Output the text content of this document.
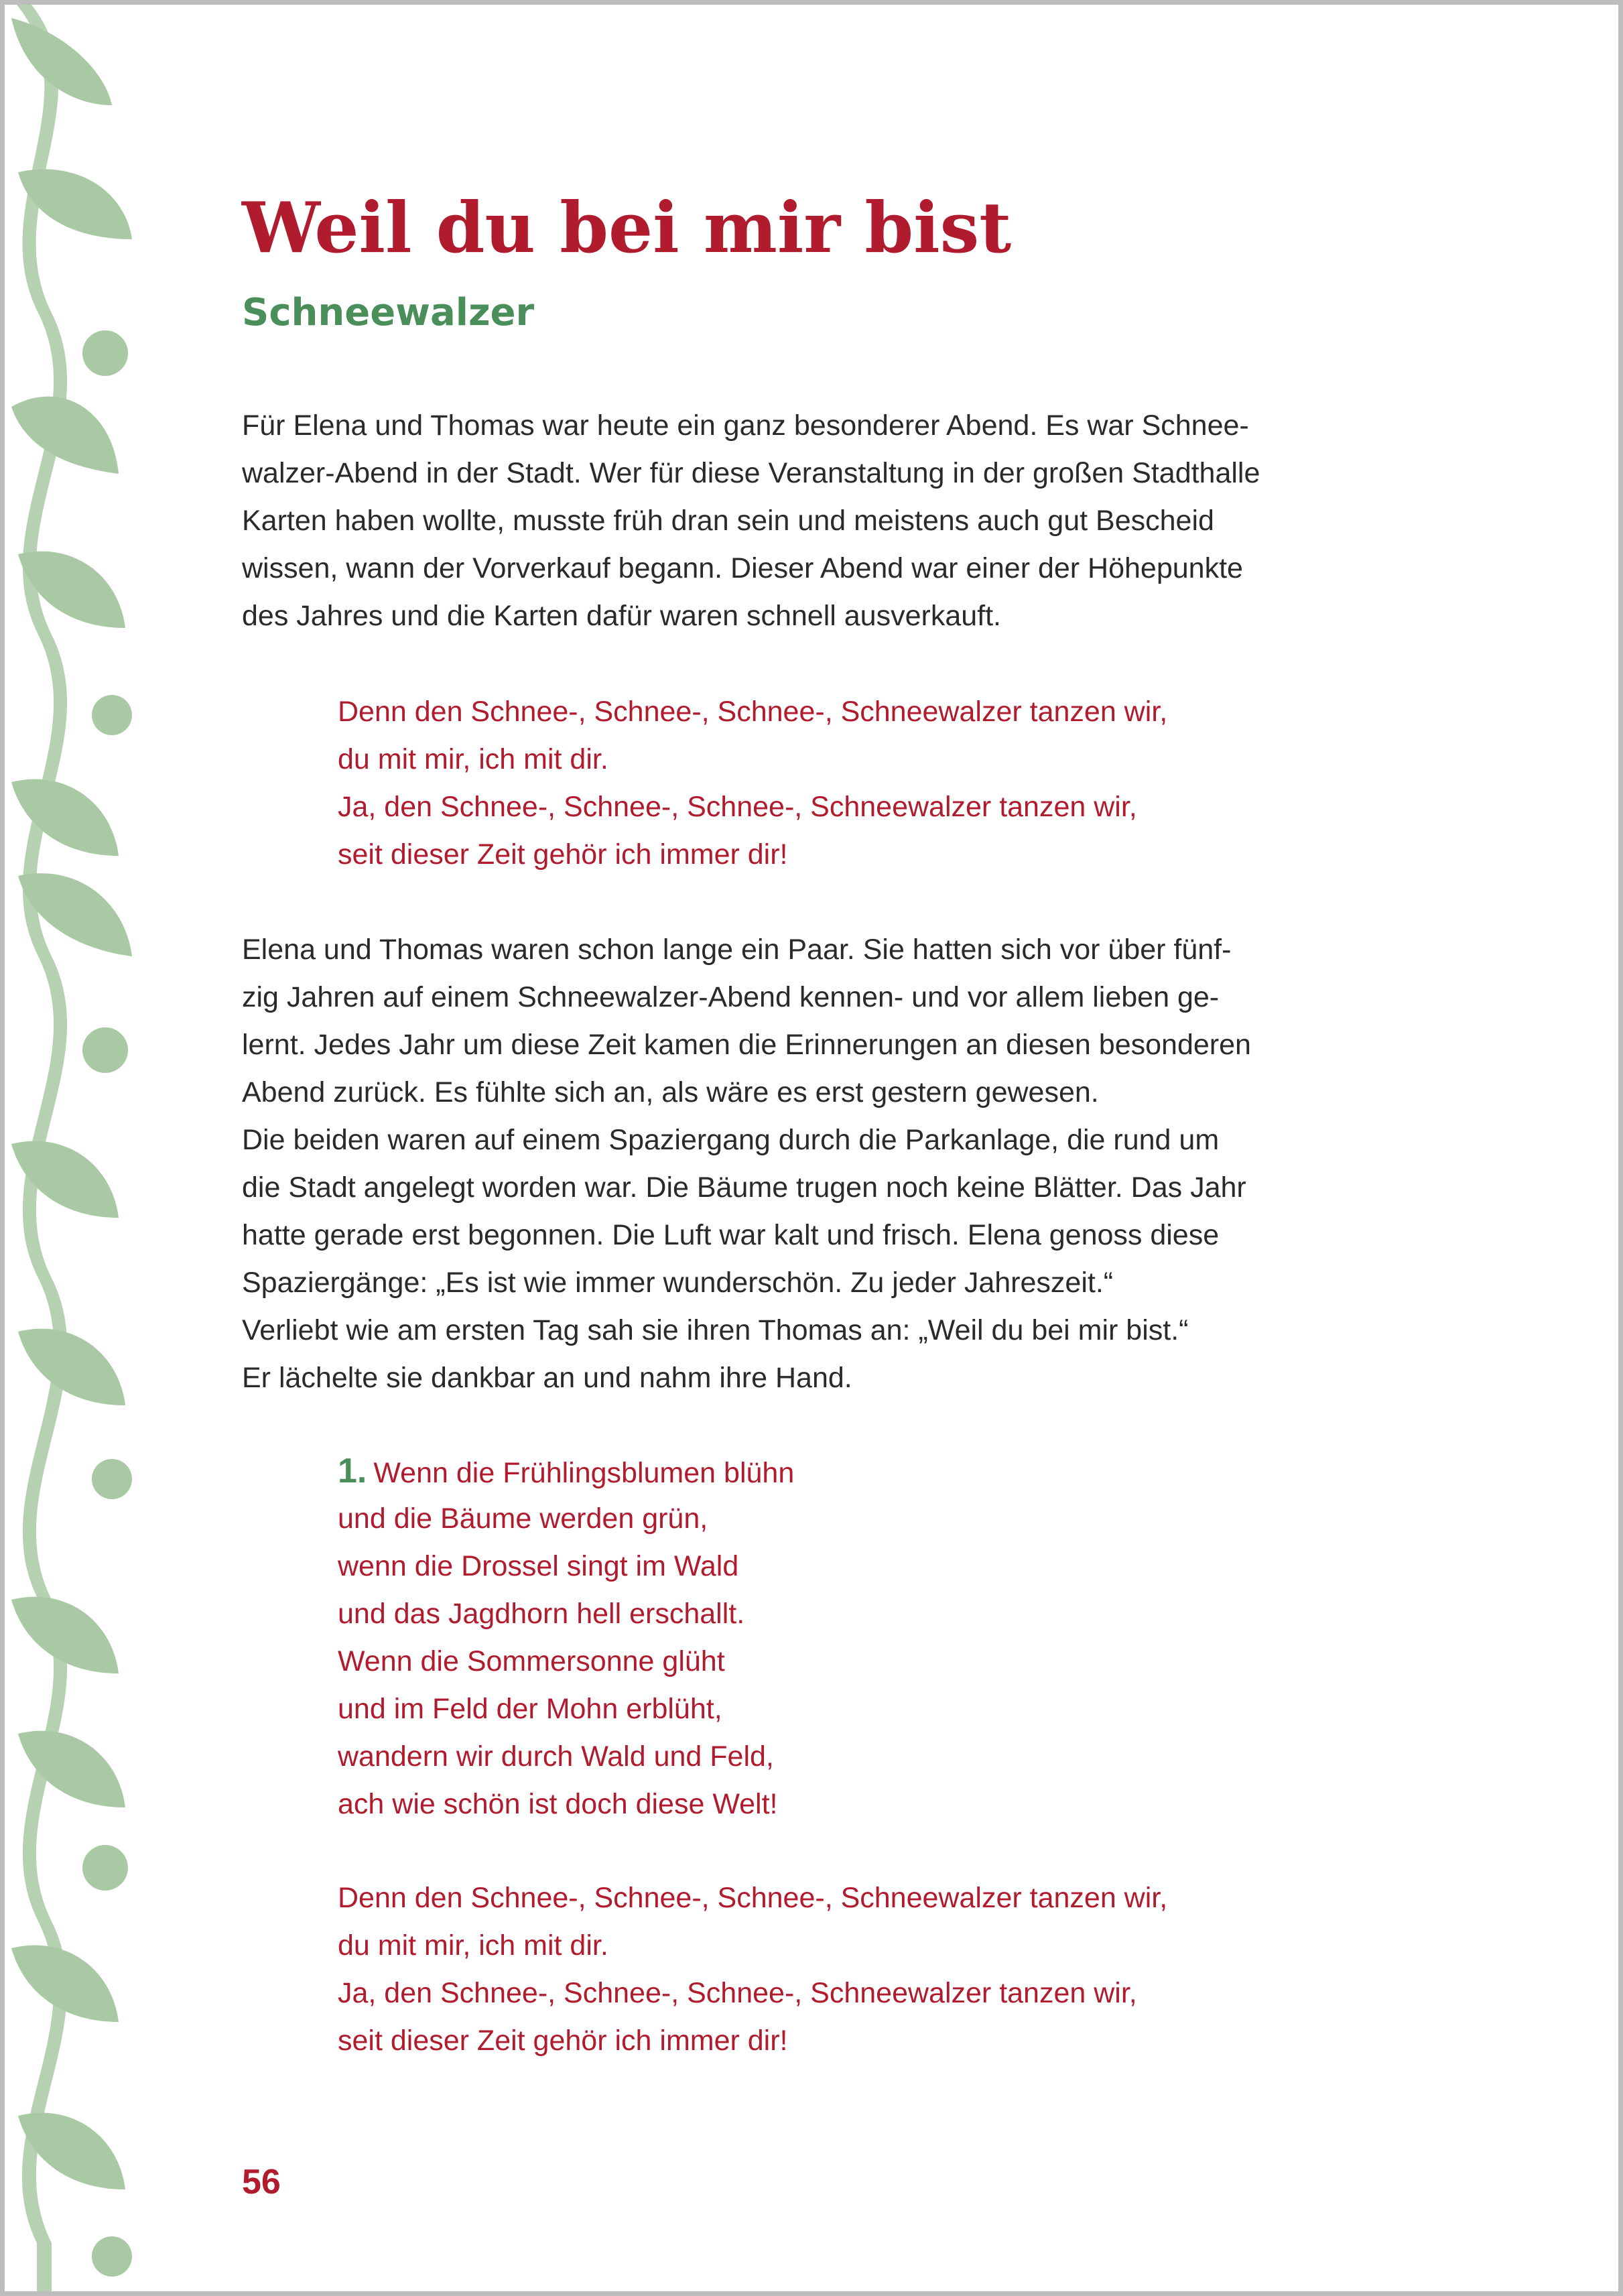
Weil du bei mir bist
Schneewalzer
Für Elena und Thomas war heute ein ganz besonderer Abend. Es war Schnee-
walzer-Abend in der Stadt. Wer für diese Veranstaltung in der großen Stadthalle
Karten haben wollte, musste früh dran sein und meistens auch gut Bescheid
wissen, wann der Vorverkauf begann. Dieser Abend war einer der Höhepunkte
des Jahres und die Karten dafür waren schnell ausverkauft.
Denn den Schnee-, Schnee-, Schnee-, Schneewalzer tanzen wir,
du mit mir, ich mit dir.
Ja, den Schnee-, Schnee-, Schnee-, Schneewalzer tanzen wir,
seit dieser Zeit gehör ich immer dir!
Elena und Thomas waren schon lange ein Paar. Sie hatten sich vor über fünf-
zig Jahren auf einem Schneewalzer-Abend kennen- und vor allem lieben ge-
lernt. Jedes Jahr um diese Zeit kamen die Erinnerungen an diesen besonderen
Abend zurück. Es fühlte sich an, als wäre es erst gestern gewesen.
Die beiden waren auf einem Spaziergang durch die Parkanlage, die rund um
die Stadt angelegt worden war. Die Bäume trugen noch keine Blätter. Das Jahr
hatte gerade erst begonnen. Die Luft war kalt und frisch. Elena genoss diese
Spaziergänge: „Es ist wie immer wunderschön. Zu jeder Jahreszeit.“
Verliebt wie am ersten Tag sah sie ihren Thomas an: „Weil du bei mir bist.“
Er lächelte sie dankbar an und nahm ihre Hand.
1. Wenn die Frühlingsblumen blühn
und die Bäume werden grün,
wenn die Drossel singt im Wald
und das Jagdhorn hell erschallt.
Wenn die Sommersonne glüht
und im Feld der Mohn erblüht,
wandern wir durch Wald und Feld,
ach wie schön ist doch diese Welt!
Denn den Schnee-, Schnee-, Schnee-, Schneewalzer tanzen wir,
du mit mir, ich mit dir.
Ja, den Schnee-, Schnee-, Schnee-, Schneewalzer tanzen wir,
seit dieser Zeit gehör ich immer dir!
56
